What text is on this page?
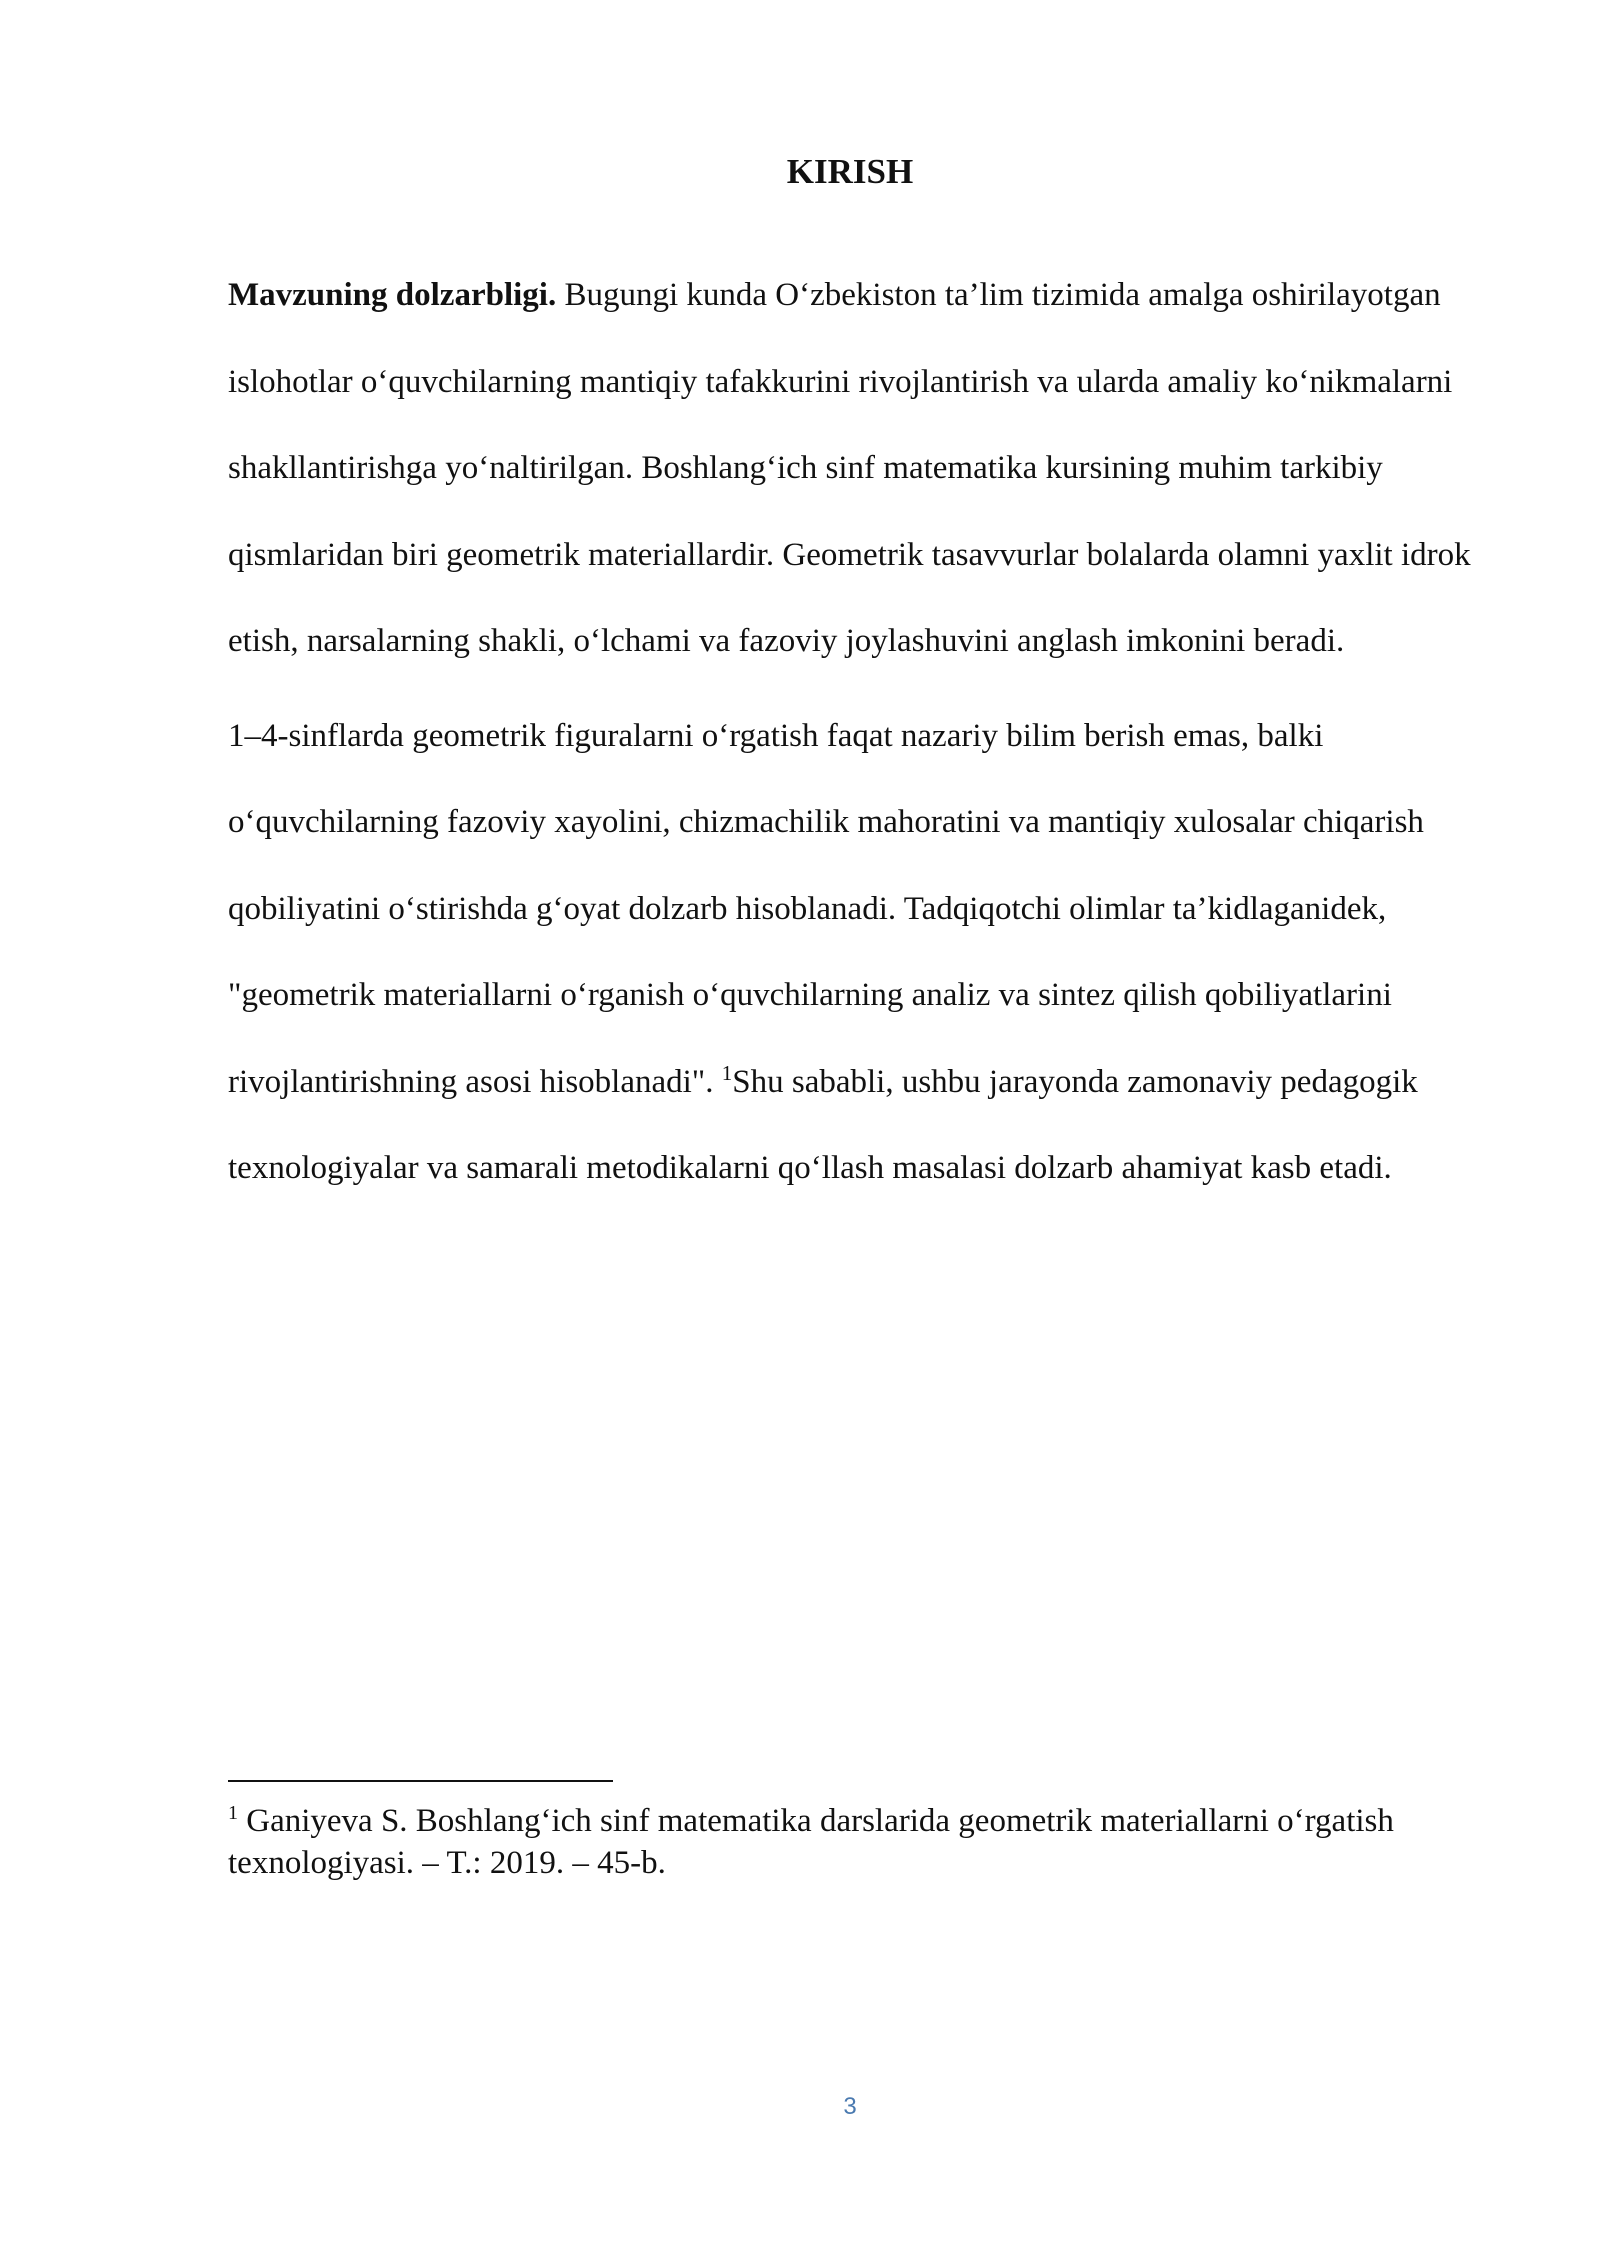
KIRISH

Mavzuning dolzarbligi. Bugungi kunda O‘zbekiston ta’lim tizimida amalga oshirilayotgan islohotlar o‘quvchilarning mantiqiy tafakkurini rivojlantirish va ularda amaliy ko‘nikmalarni shakllantirishga yo‘naltirilgan. Boshlang‘ich sinf matematika kursining muhim tarkibiy qismlaridan biri geometrik materiallardir. Geometrik tasavvurlar bolalarda olamni yaxlit idrok etish, narsalarning shakli, o‘lchami va fazoviy joylashuvini anglash imkonini beradi.

1–4-sinflarda geometrik figuralarni o‘rgatish faqat nazariy bilim berish emas, balki o‘quvchilarning fazoviy xayolini, chizmachilik mahoratini va mantiqiy xulosalar chiqarish qobiliyatini o‘stirishda g‘oyat dolzarb hisoblanadi. Tadqiqotchi olimlar ta’kidlaganidek, "geometrik materiallarni o‘rganish o‘quvchilarning analiz va sintez qilish qobiliyatlarini rivojlantirishning asosi hisoblanadi". $^1$Shu sababli, ushbu jarayonda zamonaviy pedagogik texnologiyalar va samarali metodikalarni qo‘llash masalasi dolzarb ahamiyat kasb etadi.

$^1$ Ganiyeva S. Boshlang‘ich sinf matematika darslarida geometrik materiallarni o‘rgatish texnologiyasi. – T.: 2019. – 45-b.
3
